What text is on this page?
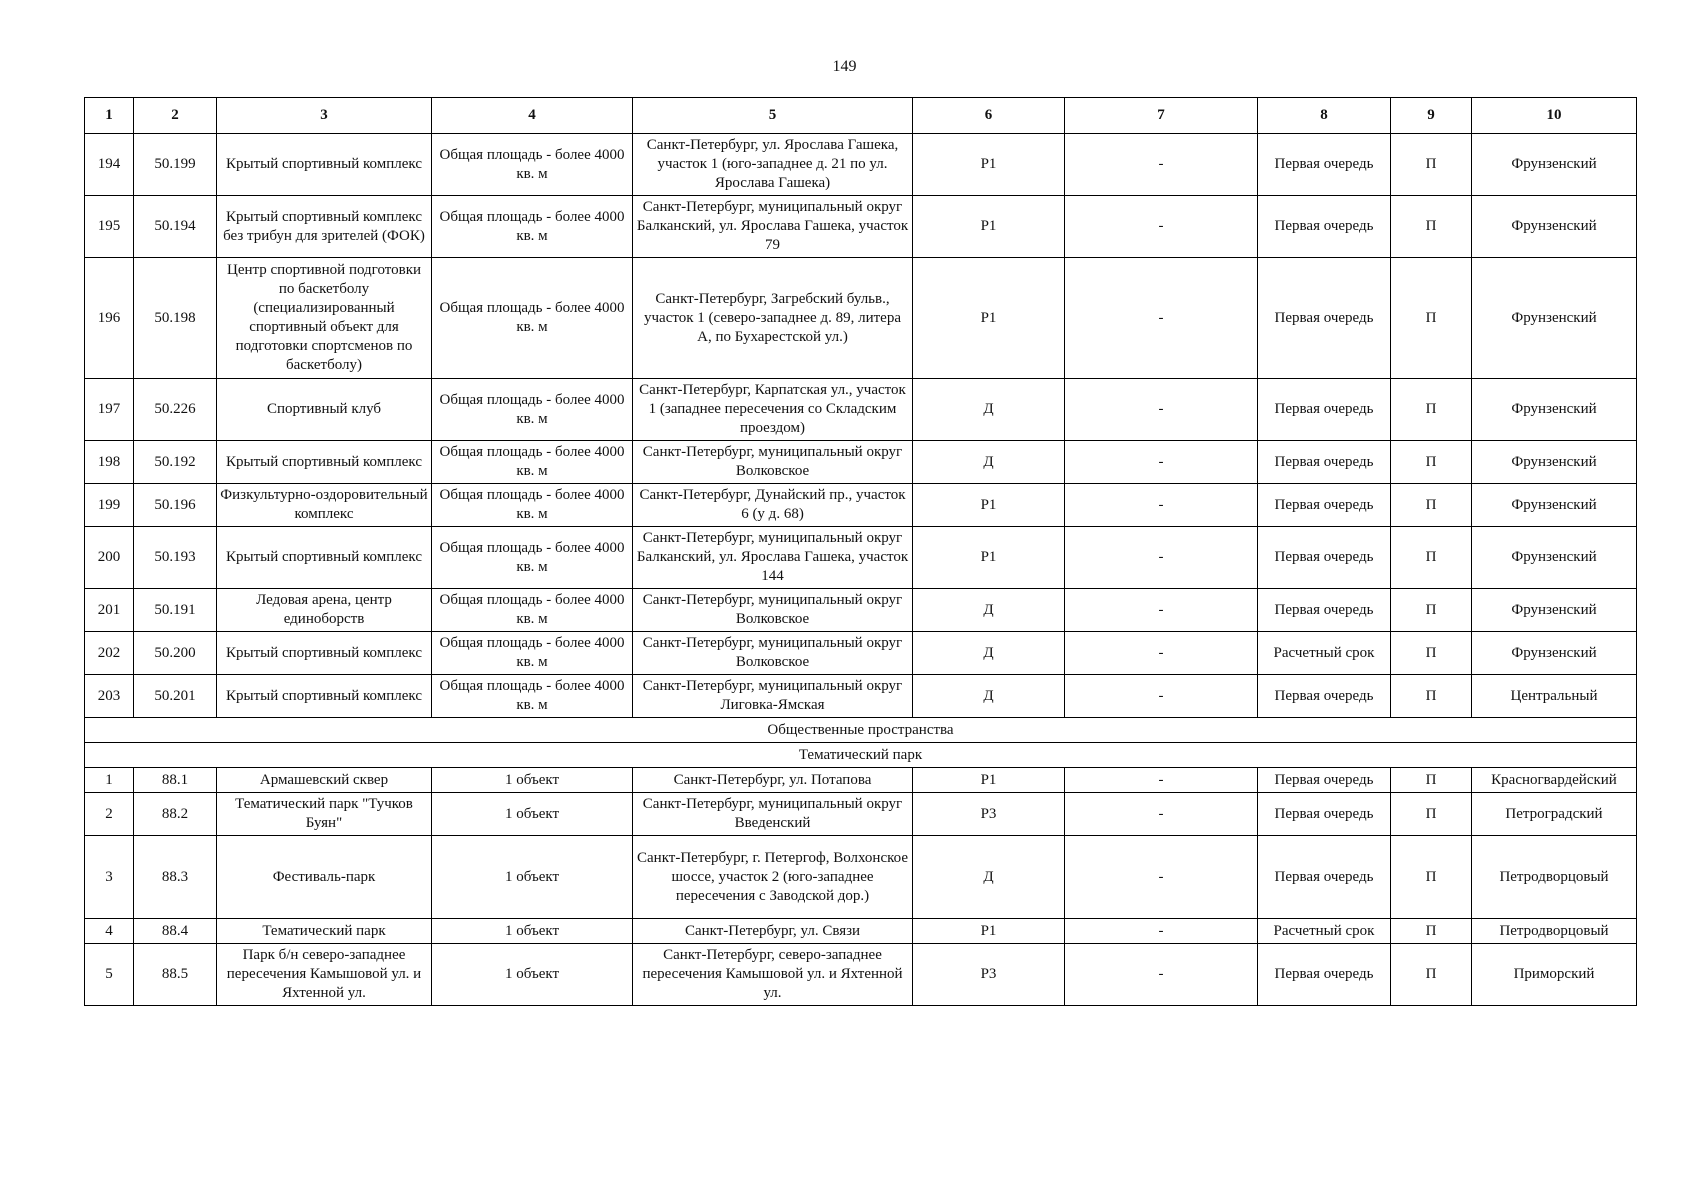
149
1	2	3	4	5	6	7	8	9	10
194	50.199	Крытый спортивный комплекс	Общая площадь - более 4000 кв. м	Санкт-Петербург, ул. Ярослава Гашека, участок 1 (юго-западнее д. 21 по ул. Ярослава Гашека)	Р1	-	Первая очередь	П	Фрунзенский
195	50.194	Крытый спортивный комплекс без трибун для зрителей (ФОК)	Общая площадь - более 4000 кв. м	Санкт-Петербург, муниципальный округ Балканский, ул. Ярослава Гашека, участок 79	Р1	-	Первая очередь	П	Фрунзенский
196	50.198	Центр спортивной подготовки по баскетболу (специализированный спортивный объект для подготовки спортсменов по баскетболу)	Общая площадь - более 4000 кв. м	Санкт-Петербург, Загребский бульв., участок 1 (северо-западнее д. 89, литера А, по Бухарестской ул.)	Р1	-	Первая очередь	П	Фрунзенский
197	50.226	Спортивный клуб	Общая площадь - более 4000 кв. м	Санкт-Петербург, Карпатская ул., участок 1 (западнее пересечения со Складским проездом)	Д	-	Первая очередь	П	Фрунзенский
198	50.192	Крытый спортивный комплекс	Общая площадь - более 4000 кв. м	Санкт-Петербург, муниципальный округ Волковское	Д	-	Первая очередь	П	Фрунзенский
199	50.196	Физкультурно-оздоровительный комплекс	Общая площадь - более 4000 кв. м	Санкт-Петербург, Дунайский пр., участок 6 (у д. 68)	Р1	-	Первая очередь	П	Фрунзенский
200	50.193	Крытый спортивный комплекс	Общая площадь - более 4000 кв. м	Санкт-Петербург, муниципальный округ Балканский, ул. Ярослава Гашека, участок 144	Р1	-	Первая очередь	П	Фрунзенский
201	50.191	Ледовая арена, центр единоборств	Общая площадь - более 4000 кв. м	Санкт-Петербург, муниципальный округ Волковское	Д	-	Первая очередь	П	Фрунзенский
202	50.200	Крытый спортивный комплекс	Общая площадь - более 4000 кв. м	Санкт-Петербург, муниципальный округ Волковское	Д	-	Расчетный срок	П	Фрунзенский
203	50.201	Крытый спортивный комплекс	Общая площадь - более 4000 кв. м	Санкт-Петербург, муниципальный округ Лиговка-Ямская	Д	-	Первая очередь	П	Центральный
Общественные пространства									
Тематический парк									
1	88.1	Армашевский сквер	1 объект	Санкт-Петербург, ул. Потапова	Р1	-	Первая очередь	П	Красногвардейский
2	88.2	Тематический парк "Тучков Буян"	1 объект	Санкт-Петербург, муниципальный округ Введенский	Р3	-	Первая очередь	П	Петроградский
3	88.3	Фестиваль-парк	1 объект	Санкт-Петербург, г. Петергоф, Волхонское шоссе, участок 2 (юго-западнее пересечения с Заводской дор.)	Д	-	Первая очередь	П	Петродворцовый
4	88.4	Тематический парк	1 объект	Санкт-Петербург, ул. Связи	Р1	-	Расчетный срок	П	Петродворцовый
5	88.5	Парк б/н северо-западнее пересечения Камышовой ул. и Яхтенной ул.	1 объект	Санкт-Петербург, северо-западнее пересечения Камышовой ул. и Яхтенной ул.	Р3	-	Первая очередь	П	Приморский
